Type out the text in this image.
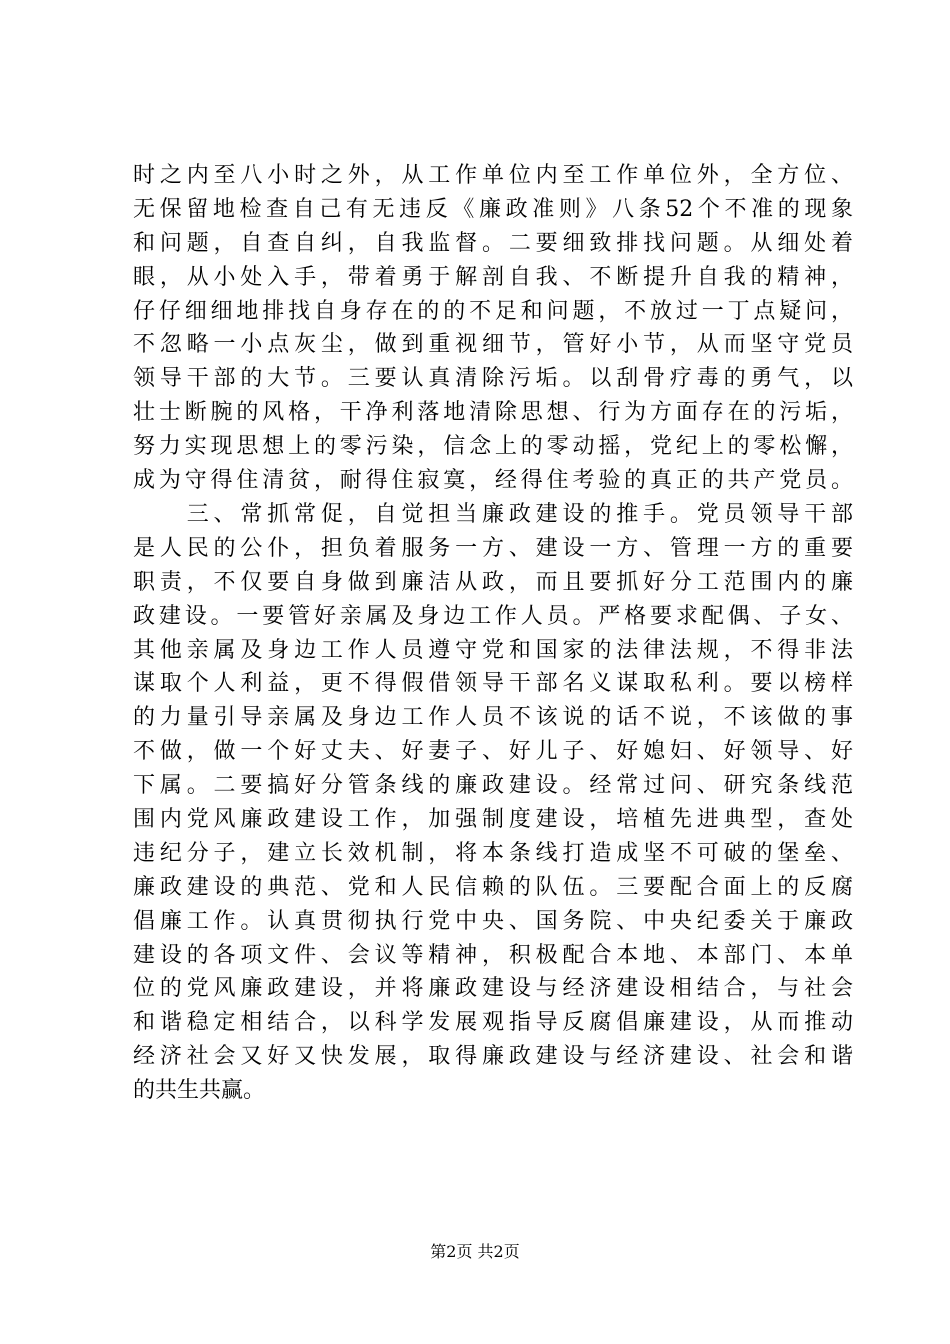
时之内至八小时之外，从工作单位内至工作单位外，全方位、
无保留地检查自己有无违反《廉政准则》八条52个不准的现象
和问题，自查自纠，自我监督。二要细致排找问题。从细处着
眼，从小处入手，带着勇于解剖自我、不断提升自我的精神，
仔仔细细地排找自身存在的的不足和问题，不放过一丁点疑问，
不忽略一小点灰尘，做到重视细节，管好小节，从而坚守党员
领导干部的大节。三要认真清除污垢。以刮骨疗毒的勇气，以
壮士断腕的风格，干净利落地清除思想、行为方面存在的污垢，
努力实现思想上的零污染，信念上的零动摇，党纪上的零松懈，
成为守得住清贫，耐得住寂寞，经得住考验的真正的共产党员。
　　三、常抓常促，自觉担当廉政建设的推手。党员领导干部
是人民的公仆，担负着服务一方、建设一方、管理一方的重要
职责，不仅要自身做到廉洁从政，而且要抓好分工范围内的廉
政建设。一要管好亲属及身边工作人员。严格要求配偶、子女、
其他亲属及身边工作人员遵守党和国家的法律法规，不得非法
谋取个人利益，更不得假借领导干部名义谋取私利。要以榜样
的力量引导亲属及身边工作人员不该说的话不说，不该做的事
不做，做一个好丈夫、好妻子、好儿子、好媳妇、好领导、好
下属。二要搞好分管条线的廉政建设。经常过问、研究条线范
围内党风廉政建设工作，加强制度建设，培植先进典型，查处
违纪分子，建立长效机制，将本条线打造成坚不可破的堡垒、
廉政建设的典范、党和人民信赖的队伍。三要配合面上的反腐
倡廉工作。认真贯彻执行党中央、国务院、中央纪委关于廉政
建设的各项文件、会议等精神，积极配合本地、本部门、本单
位的党风廉政建设，并将廉政建设与经济建设相结合，与社会
和谐稳定相结合，以科学发展观指导反腐倡廉建设，从而推动
经济社会又好又快发展，取得廉政建设与经济建设、社会和谐
的共生共赢。
第2页 共2页
